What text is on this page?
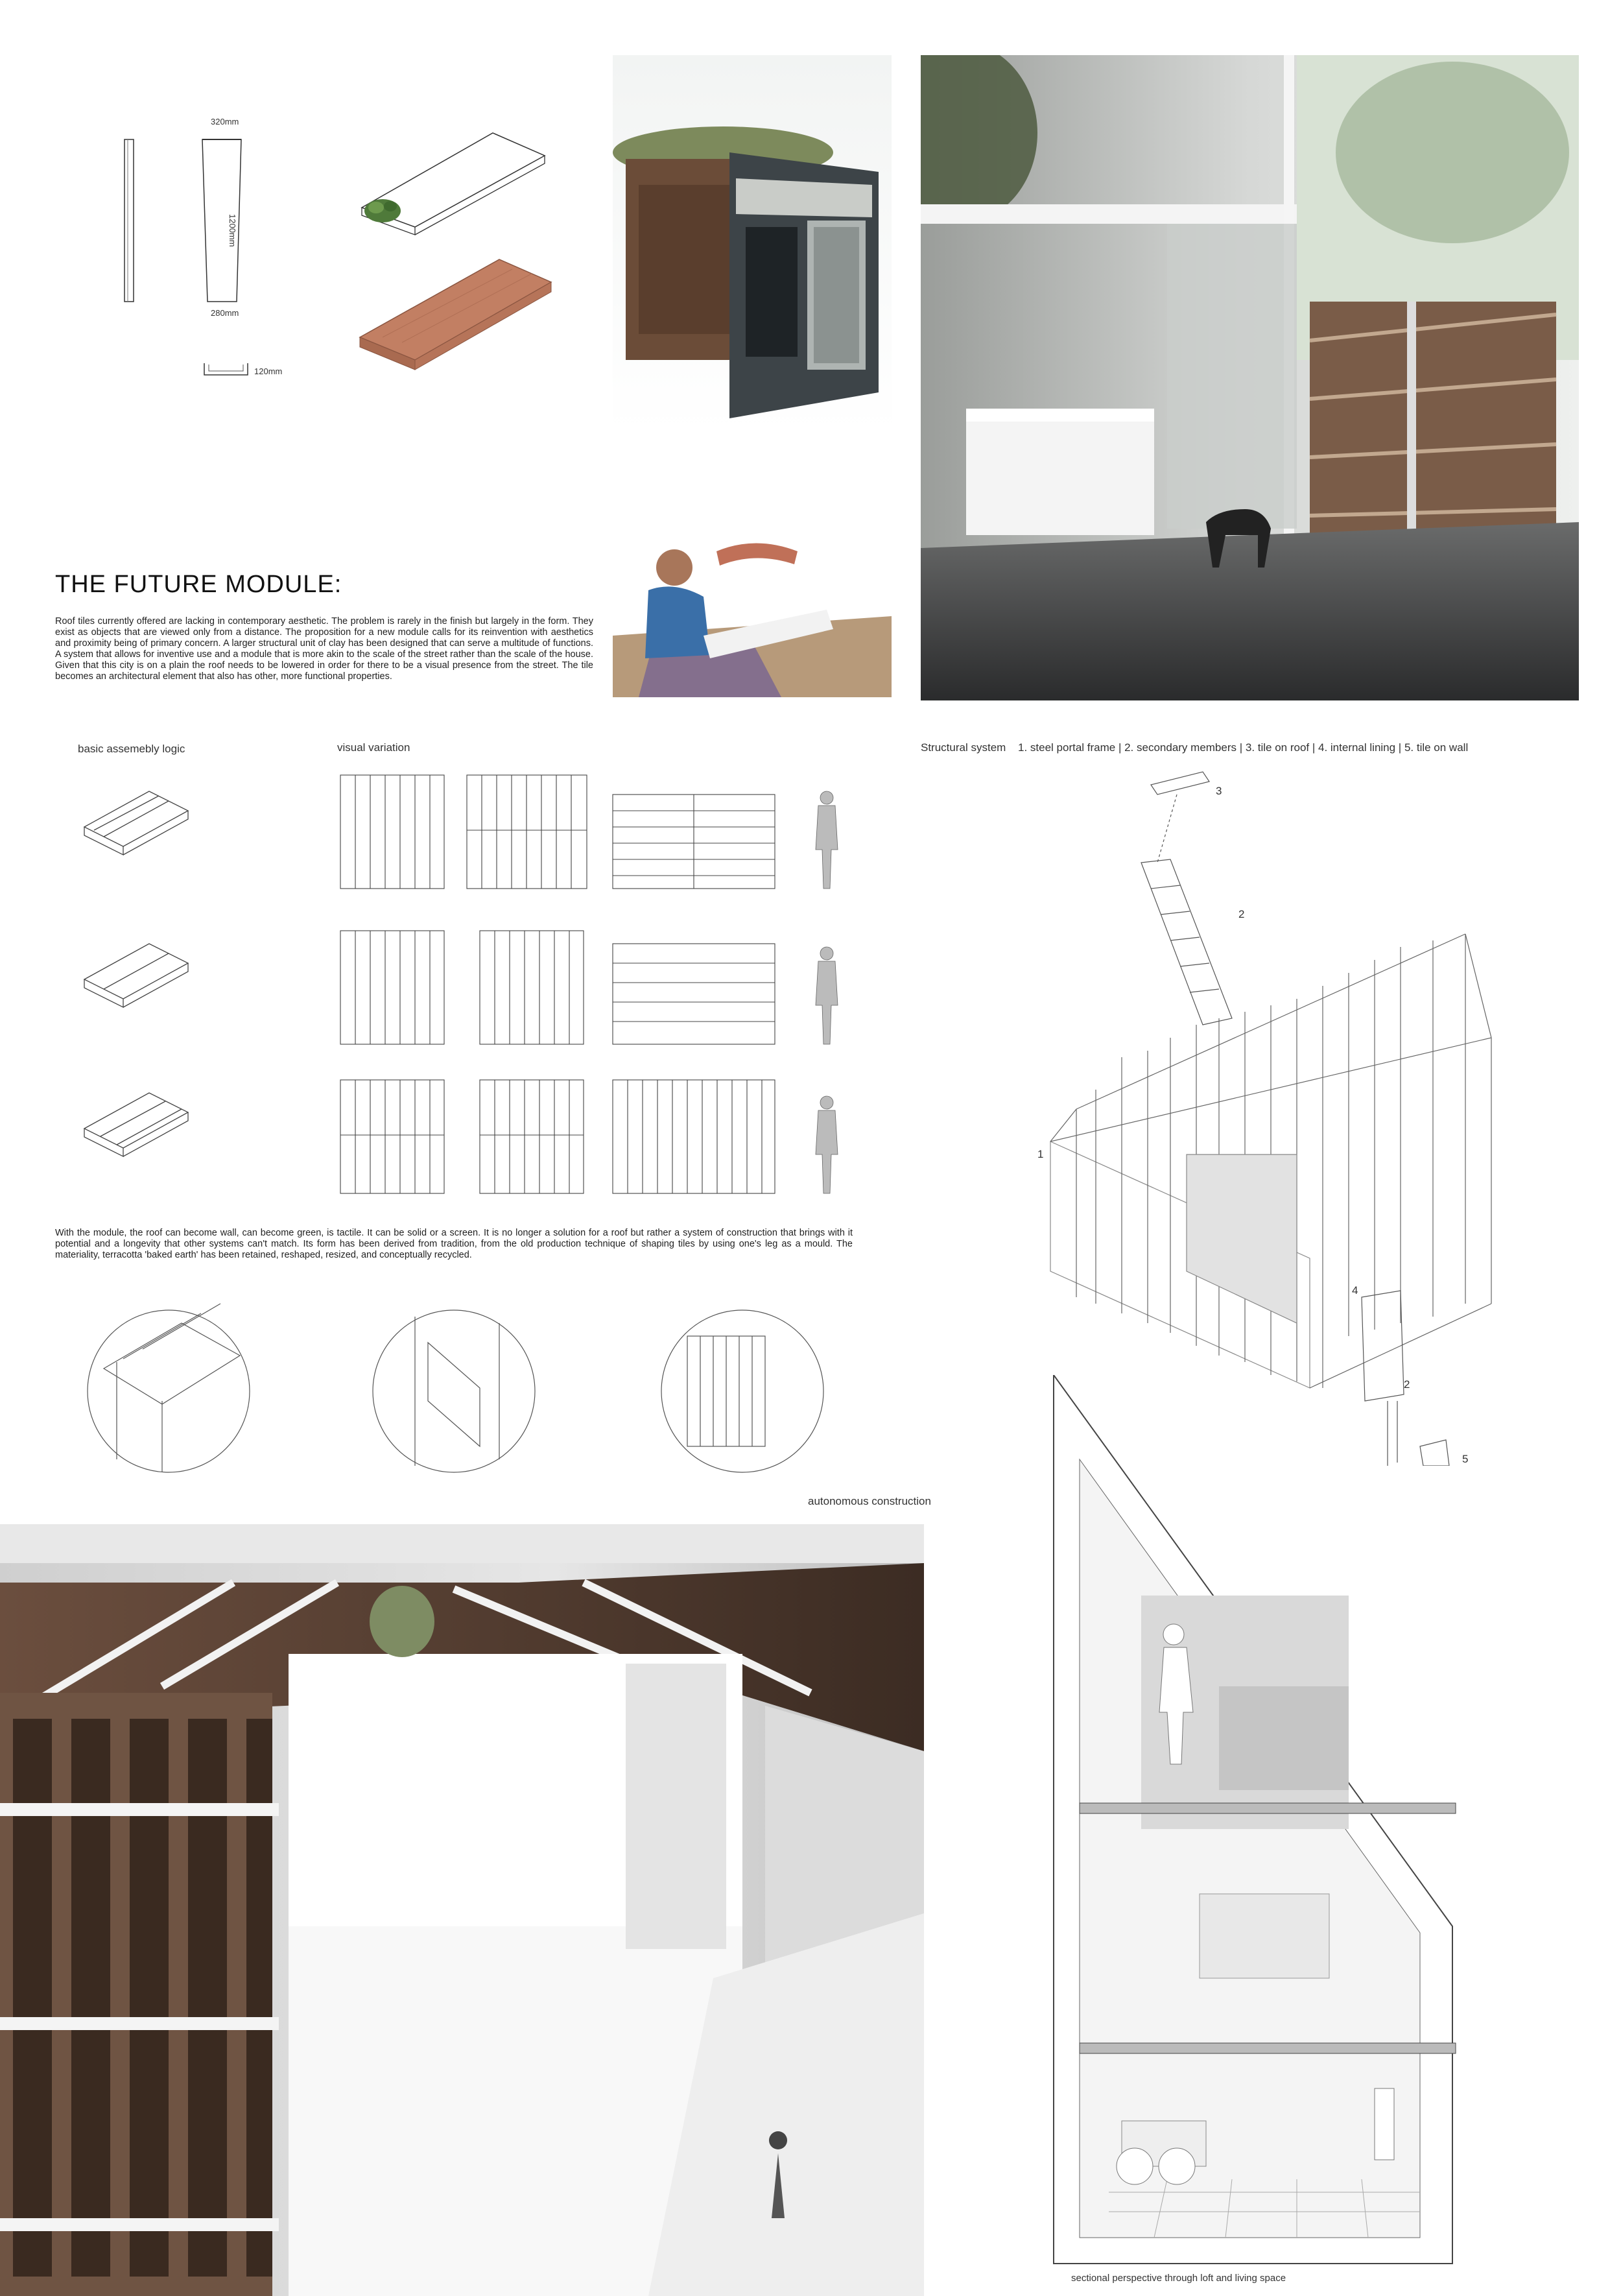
320mm
1200mm
280mm
120mm
THE FUTURE MODULE:
Roof tiles currently offered are lacking in contemporary aesthetic. The problem is rarely in the finish but largely in the form. They exist as objects that are viewed only from a distance. The proposition for a new module calls for its reinvention with aesthetics and proximity being of primary concern. A larger structural unit of clay has been designed that can serve a multitude of functions. A system that allows for inventive use and a module that is more akin to the scale of the street rather than the scale of the house. Given that this city is on a plain the roof needs to be lowered in order for there to be a visual presence from the street. The tile becomes an architectural element that also has other, more functional properties.
basic assemebly logic	visual variation
With the module, the roof can become wall, can become green, is tactile. It can be solid or a screen. It is no longer a solution for a roof but rather a system of construction that brings with it potential and a longevity that other systems can't match. Its form has been derived from tradition, from the old production technique of shaping tiles by using one's leg as a mould. The materiality, terracotta 'baked earth' has been retained, reshaped, resized, and conceptually recycled.
autonomous construction
Structural system 1. steel portal frame | 2. secondary members | 3. tile on roof | 4. internal lining | 5. tile on wall
3
2
1
4
2
5
sectional perspective through loft and living space
